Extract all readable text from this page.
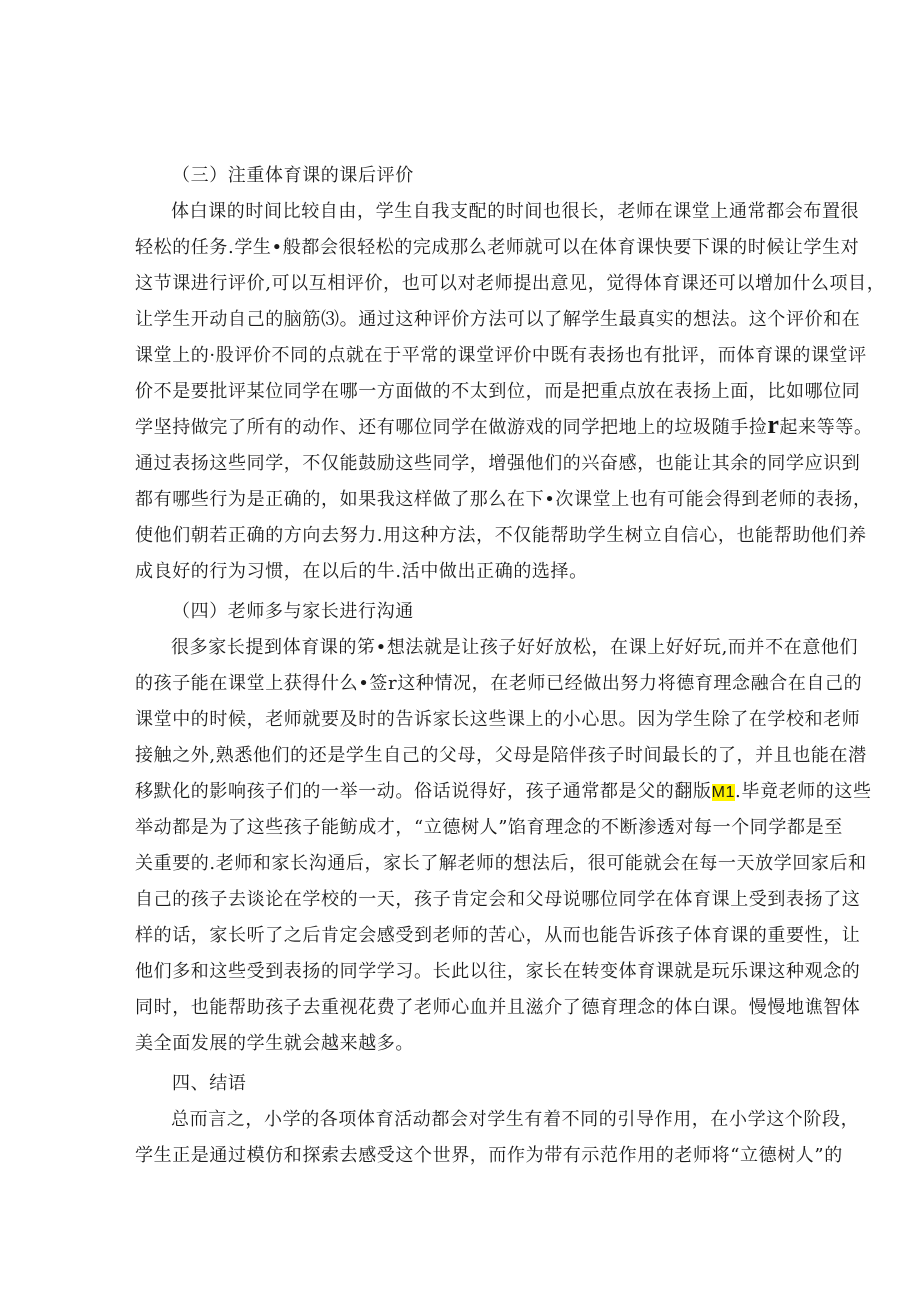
（三）注重体育课的课后评价
体白课的时间比较自由，学生自我支配的时间也很长，老师在课堂上通常都会布置很
轻松的任务.学生•般都会很轻松的完成那么老师就可以在体育课快要下课的时候让学生对
这节课进行评价,可以互相评价，也可以对老师提出意见，觉得体育课还可以增加什么项目，
让学生开动自己的脑筋⑶。通过这种评价方法可以了解学生最真实的想法。这个评价和在
课堂上的·股评价不同的点就在于平常的课堂评价中既有表扬也有批评，而体育课的课堂评
价不是要批评某位同学在哪一方面做的不太到位，而是把重点放在表扬上面，比如哪位同
学坚持做完了所有的动作、还有哪位同学在做游戏的同学把地上的垃圾随手捡r起来等等。
通过表扬这些同学，不仅能鼓励这些同学，增强他们的兴奋感，也能让其余的同学应识到
都有哪些行为是正确的，如果我这样做了那么在下•次课堂上也有可能会得到老师的表扬，
使他们朝若正确的方向去努力.用这种方法，不仅能帮助学生树立自信心，也能帮助他们养
成良好的行为习惯，在以后的牛.活中做出正确的选择。
（四）老师多与家长进行沟通
很多家长提到体育课的笫•想法就是让孩子好好放松，在课上好好玩,而并不在意他们
的孩子能在课堂上获得什么•签r这种情况，在老师已经做出努力将德育理念融合在自己的
课堂中的时候，老师就要及时的告诉家长这些课上的小心思。因为学生除了在学校和老师
接触之外,熟悉他们的还是学生自己的父母，父母是陪伴孩子时间最长的了，并且也能在潜
移默化的影响孩子们的一举一动。俗话说得好，孩子通常都是父的翻版M1.毕竟老师的这些
举动都是为了这些孩子能鲂成才，“立德树人”馅育理念的不断渗透对每一个同学都是至
关重要的.老师和家长沟通后，家长了解老师的想法后，很可能就会在每一天放学回家后和
自己的孩子去谈论在学校的一天，孩子肯定会和父母说哪位同学在体育课上受到表扬了这
样的话，家长听了之后肯定会感受到老师的苦心，从而也能告诉孩子体育课的重要性，让
他们多和这些受到表扬的同学学习。长此以往，家长在转变体育课就是玩乐课这种观念的
同时，也能帮助孩子去重视花费了老师心血并且滋介了德育理念的体白课。慢慢地谯智体
美全面发展的学生就会越来越多。
四、结语
总而言之，小学的各项体育活动都会对学生有着不同的引导作用，在小学这个阶段，
学生正是通过模仿和探索去感受这个世界，而作为带有示范作用的老师将“立德树人”的
